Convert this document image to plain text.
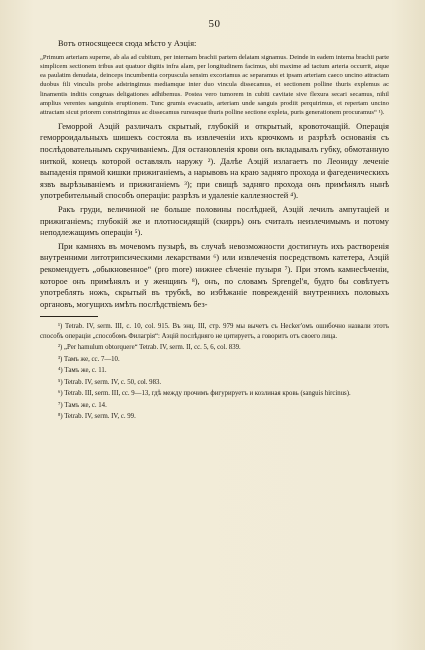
50

Вотъ относящееся сюда мѣсто у Аэція:

„Primum arteriam superne, ab ala ad cubitum, per internam brachii partem delatam signamus. Deinde in eadem interna brachii parte simplicem sectionem tribus aut quatuor digitis infra alam, per longitudinem facimus, ubi maxime ad tactum arteria occurrit, atque ea paulatim denudata, deinceps incumbentia corpuscula sensim excoriamus ac separamus et ipsam arteriam caeco uncino attractam duobus fili vinculis probe adstringimus mediamque inter duo vincula dissecamus, et sectionem polline thuris explemus ac linamentis inditis congruas deligationes adhibemus. Postea vero tumorem in cubiti cavitate sive flexura secari secamus, nihil amplius verentes sanguinis eruptionem. Tunc grumis evacuatis, arteriam unde sanguis prodiit perquirimus, et repertam uncino attractam sicut priorem constringimus ac dissecamus rursusque thuris polline sectione expleta, puris generationem procuramus“ ¹).

Геморрой Аэцій различалъ скрытый, глубокій и открытый, кровоточащій. Операція геморроидальныхъ шишекъ состояла въ извлеченіи ихъ крючкомъ и разрѣзѣ основанія съ послѣдовательнымъ скручиваніемъ. Для остановленія крови онъ вкладывалъ губку, обмотанную ниткой, конецъ которой оставлялъ наружу ²). Далѣе Аэцій излагаетъ по Леониду леченіе выпаденія прямой кишки прижиганіемъ, а нарывовъ на краю задняго прохода и фагеденическихъ язвъ вырѣзываніемъ и прижиганіемъ ³); при свищѣ задняго прохода онъ примѣнялъ нынѣ употребительный способъ операціи: разрѣзъ и удаленіе каллезностей ⁴).

Ракъ груди, величиной не больше половины послѣдней, Аэцій лечилъ ампутаціей и прижиганіемъ; глубокій же и плотносидящій (скирръ) онъ считалъ неизлечимымъ и потому неподлежащимъ операціи ⁵).

При камняхъ въ мочевомъ пузырѣ, въ случаѣ невозможности достигнуть ихъ растворенія внутренними литотрипсическими лекарствами ⁶) или извлеченія посредствомъ катетера, Аэцій рекомендуетъ „обыкновенное“ (pro more) нижнее сѣченіе пузыря ⁷). При этомъ камнесѣченіи, которое онъ примѣнялъ и у женщинъ ⁸), онъ, по словамъ Sprengel'я, будто бы совѣтуетъ употреблять ножъ, скрытый въ трубкѣ, во избѣжаніе поврежденій внутреннихъ половыхъ органовъ, могущихъ имѣть послѣдствіемъ без-

¹) Tetrab. IV, serm. III, c. 10, col. 915. Въ энц. III, стр. 979 мы вычетъ съ Несkег'омъ ошибочно назвали этотъ способъ операціи „способомъ Филагрія“: Аэцій послѣдняго не цитируетъ, а говоритъ отъ своего лица.

²) „Per hamulum obtorquere“ Tetrab. IV, serm. II, cc. 5, 6, col. 839.

³) Тамъ же, cc. 7—10.

⁴) Тамъ же, c. 11.

⁵) Tetrab. IV, serm. IV, c. 50, col. 983.

⁶) Tetrab. III, serm. III, cc. 9—13, гдѣ между прочимъ фигурируетъ и козлиная кровь (sanguis hircinus).

⁷) Тамъ же, c. 14.

⁸) Tetrab. IV, serm. IV, c. 99.
